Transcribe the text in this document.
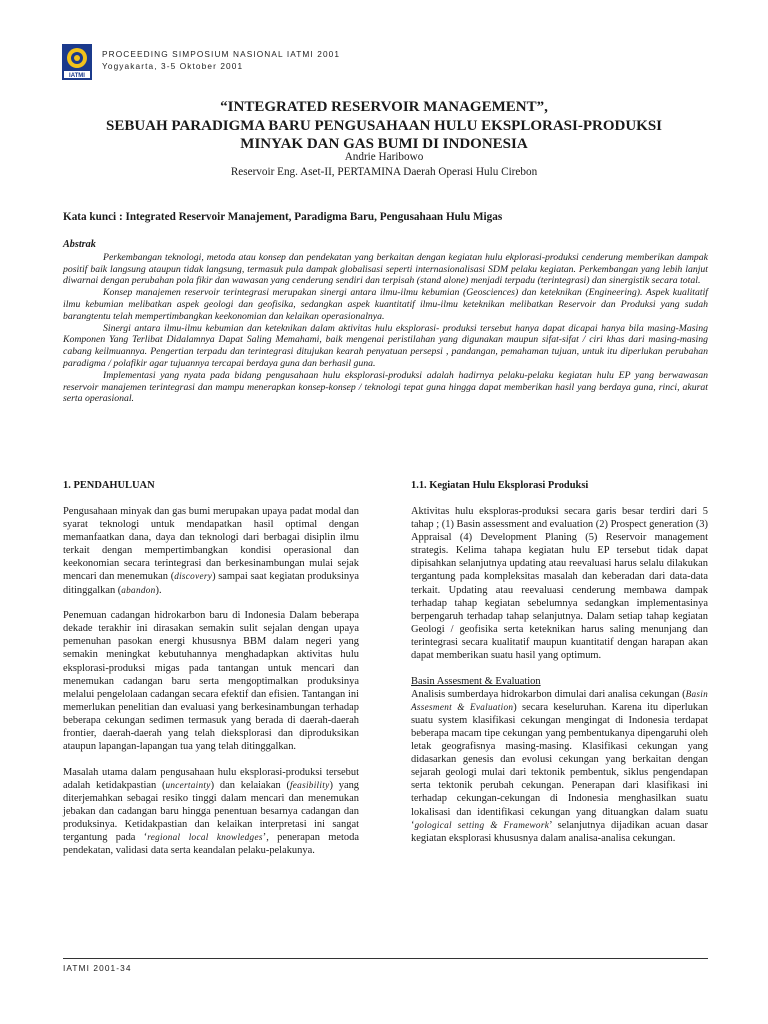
IATMI
PROCEEDING SIMPOSIUM NASIONAL IATMI 2001
Yogyakarta, 3-5 Oktober 2001
“INTEGRATED RESERVOIR MANAGEMENT”,
SEBUAH PARADIGMA BARU PENGUSAHAAN HULU EKSPLORASI-PRODUKSI
MINYAK DAN GAS BUMI DI INDONESIA
Andrie Haribowo
Reservoir Eng. Aset-II, PERTAMINA Daerah Operasi Hulu Cirebon
Kata kunci : Integrated Reservoir Manajement, Paradigma Baru, Pengusahaan Hulu Migas
Abstrak

Perkembangan teknologi, metoda atau konsep dan pendekatan yang berkaitan dengan kegiatan hulu ekplorasi-produksi cenderung memberikan dampak positif baik langsung ataupun tidak langsung, termasuk pula dampak globalisasi seperti internasionalisasi SDM pelaku kegiatan. Perkembangan yang lebih lanjut diwarnai dengan perubahan pola fikir dan wawasan yang cenderung sendiri dan terpisah (stand alone) menjadi terpadu (terintegrasi) dan sinergistik secara total.

Konsep manajemen reservoir terintegrasi merupakan sinergi antara ilmu-ilmu kebumian (Geosciences) dan keteknikan (Engineering). Aspek kualitatif ilmu kebumian melibatkan aspek geologi dan geofisika, sedangkan aspek kuantitatif ilmu-ilmu keteknikan melibatkan Reservoir dan Produksi yang sudah barangtentu telah mempertimbangkan keekonomian dan kelaikan operasionalnya.

Sinergi antara ilmu-ilmu kebumian dan keteknikan dalam aktivitas hulu eksplorasi- produksi tersebut hanya dapat dicapai hanya bila masing-Masing Komponen Yang Terlibat Didalamnya Dapat Saling Memahami, baik mengenai peristilahan yang digunakan maupun sifat-sifat / ciri khas dari masing-masing cabang keilmuannya. Pengertian terpadu dan terintegrasi ditujukan kearah penyatuan persepsi , pandangan, pemahaman tujuan, untuk itu diperlukan perubahan paradigma / polafikir agar tujuannya tercapai berdaya guna dan berhasil guna.

Implementasi yang nyata pada bidang pengusahaan hulu eksplorasi-produksi adalah hadirnya pelaku-pelaku kegiatan hulu EP yang berwawasan reservoir manajemen terintegrasi dan mampu menerapkan konsep-konsep / teknologi tepat guna hingga dapat memberikan hasil yang berdaya guna, rinci, akurat serta operasional.

1. PENDAHULUAN

Pengusahaan minyak dan gas bumi merupakan upaya padat modal dan syarat teknologi untuk mendapatkan hasil optimal dengan memanfaatkan dana, daya dan teknologi dari berbagai disiplin ilmu terkait dengan mempertimbangkan kondisi operasional dan keekonomian secara terintegrasi dan berkesinambungan mulai sejak mencari dan menemukan (discovery) sampai saat kegiatan produksinya ditinggalkan (abandon).

Penemuan cadangan hidrokarbon baru di Indonesia Dalam beberapa dekade terakhir ini dirasakan semakin sulit sejalan dengan upaya pemenuhan pasokan energi khususnya BBM dalam negeri yang semakin meningkat kebutuhannya menghadapkan aktivitas hulu eksplorasi-produksi migas pada tantangan untuk mencari dan menemukan cadangan baru serta mengoptimalkan produksinya melalui pengelolaan cadangan secara efektif dan efisien. Tantangan ini memerlukan penelitian dan evaluasi yang berkesinambungan terhadap beberapa cekungan sedimen termasuk yang berada di daerah-daerah frontier, daerah-daerah yang telah dieksplorasi dan diproduksikan ataupun lapangan-lapangan tua yang telah ditinggalkan.

Masalah utama dalam pengusahaan hulu eksplorasi-produksi tersebut adalah ketidakpastian (uncertainty) dan kelaiakan (feasibility) yang diterjemahkan sebagai resiko tinggi dalam mencari dan menemukan jebakan dan cadangan baru hingga penentuan besarnya cadangan dan produksinya. Ketidakpastian dan kelaikan interpretasi ini sangat tergantung pada ‘regional local knowledges’, penerapan metoda pendekatan, validasi data serta keandalan pelaku-pelakunya.

1.1. Kegiatan Hulu Eksplorasi Produksi

Aktivitas hulu eksploras-produksi secara garis besar terdiri dari 5 tahap ; (1) Basin assessment and evaluation (2) Prospect generation (3) Appraisal (4) Development Planing (5) Reservoir management strategis. Kelima tahapa kegiatan hulu EP tersebut tidak dapat dipisahkan selanjutnya updating atau reevaluasi harus selalu dilakukan tergantung pada kompleksitas masalah dan keberadan dari data-data terkait. Updating atau reevaluasi cenderung membawa dampak terhadap tahap kegiatan sebelumnya sedangkan implementasinya berpengaruh terhadap tahap selanjutnya. Dalam setiap tahap kegiatan Geologi / geofisika serta keteknikan harus saling menunjang dan terintegrasi secara kualitatif maupun kuantitatif dengan harapan akan dapat memberikan suatu hasil yang optimum.

Basin Assesment & Evaluation

Analisis sumberdaya hidrokarbon dimulai dari analisa cekungan (Basin Assesment & Evaluation) secara keseluruhan. Karena itu diperlukan suatu system klasifikasi cekungan mengingat di Indonesia terdapat beberapa macam tipe cekungan yang pembentukanya dipengaruhi oleh letak geografisnya masing-masing. Klasifikasi cekungan yang didasarkan genesis dan evolusi cekungan yang berkaitan dengan sejarah geologi mulai dari tektonik pembentuk, siklus pengendapan serta tektonik perubah cekungan. Penerapan dari klasifikasi ini terhadap cekungan-cekungan di Indonesia menghasilkan suatu lokalisasi dan identifikasi cekungan yang dituangkan dalam suatu ‘gological setting & Framework’ selanjutnya dijadikan acuan dasar kegiatan eksplorasi khususnya dalam analisa-analisa cekungan.

IATMI 2001-34
